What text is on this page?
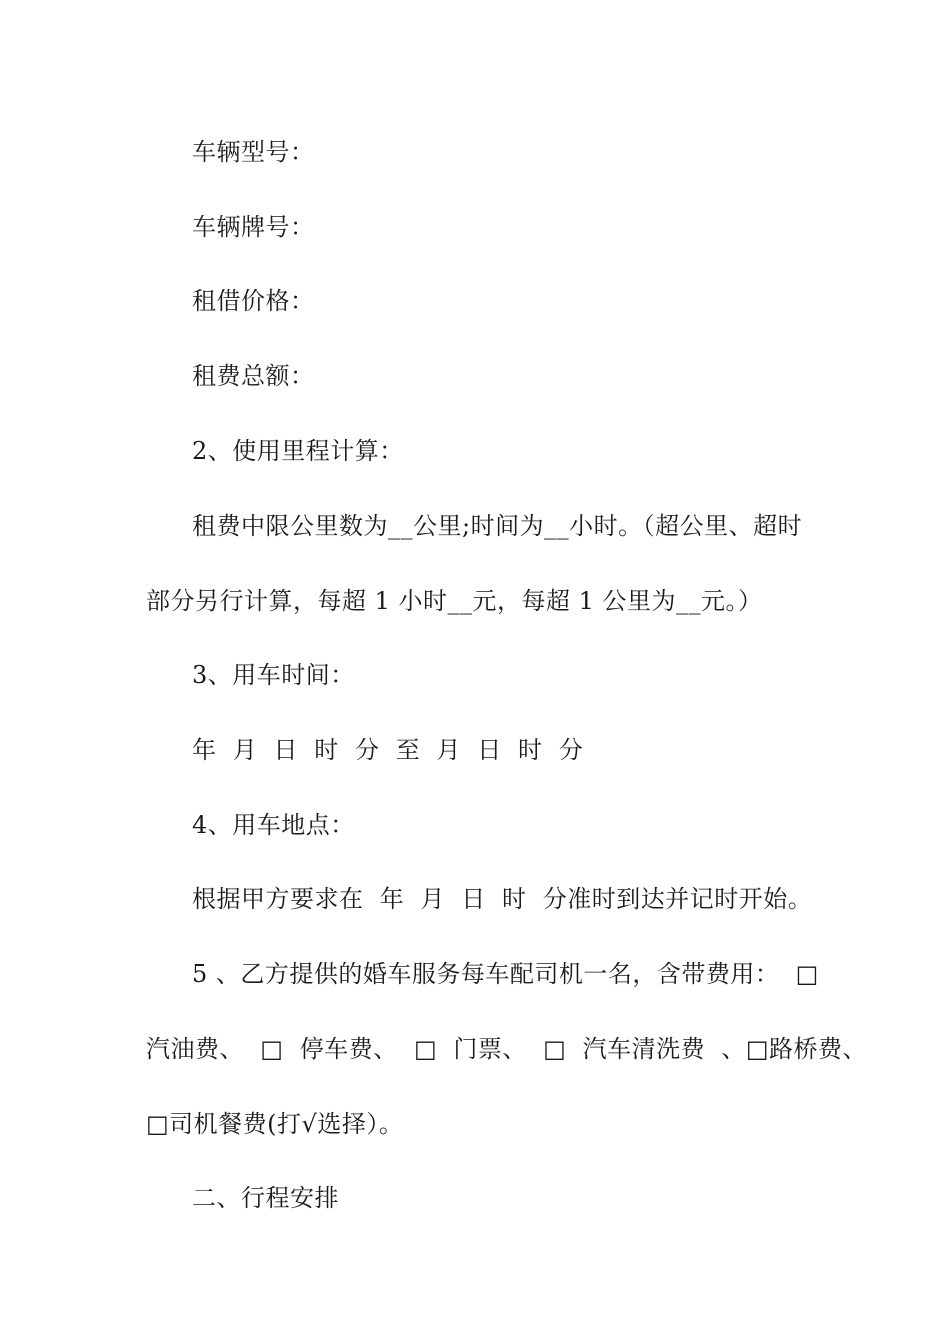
车辆型号：
车辆牌号：
租借价格：
租费总额：
2、使用里程计算：
租费中限公里数为__公里;时间为__小时。（超公里、超时
部分另行计算，每超 1 小时__元，每超 1 公里为__元。）
3、用车时间：
年  月  日  时  分  至  月  日  时  分
4、用车地点：
根据甲方要求在  年  月  日  时  分准时到达并记时开始。
5 、乙方提供的婚车服务每车配司机一名，含带费用：  □
汽油费、  □  停车费、  □  门票、  □  汽车清洗费  、□路桥费、
□司机餐费(打√选择）。
二、行程安排
